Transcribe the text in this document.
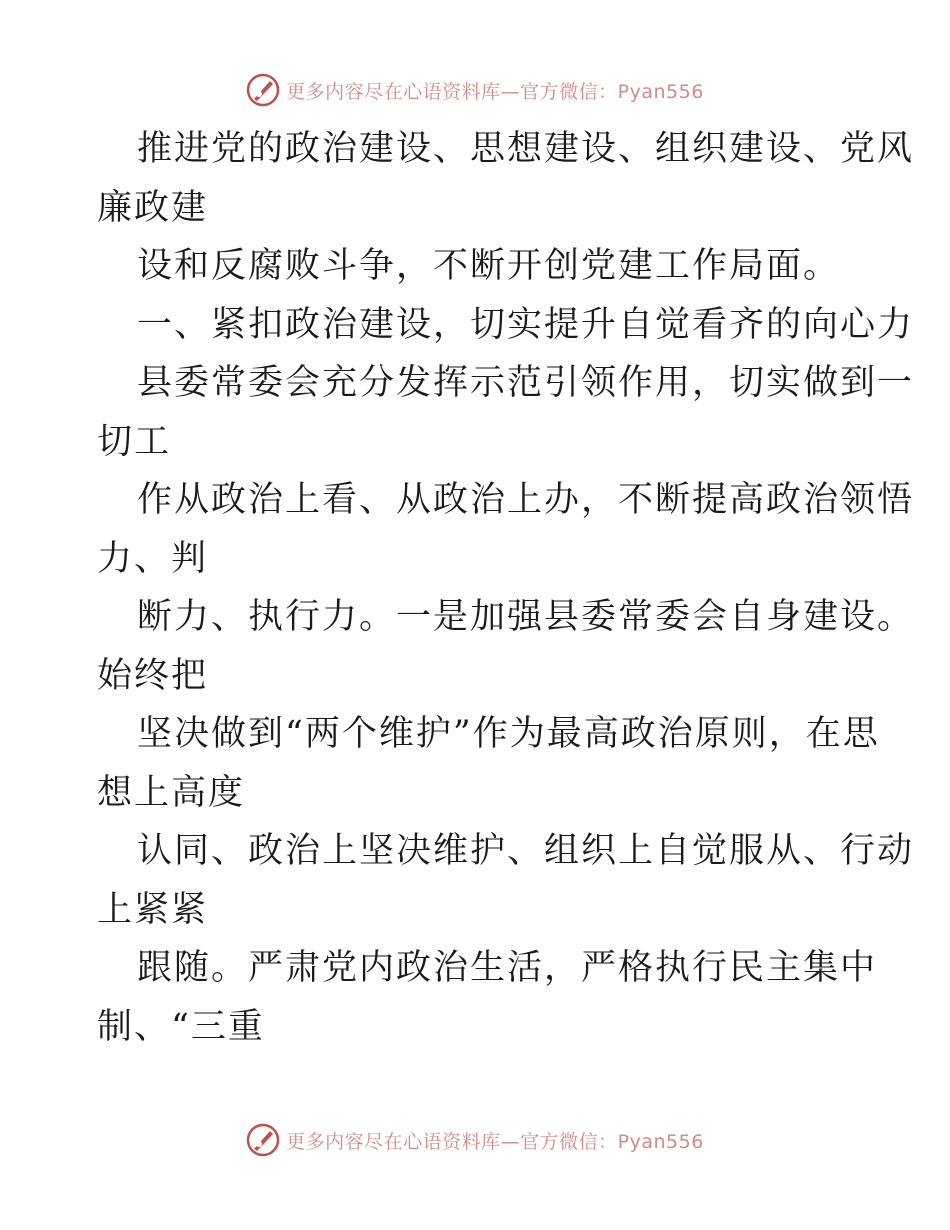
更多内容尽在心语资料库—官方微信：Pyan556
推进党的政治建设、思想建设、组织建设、党风
廉政建
设和反腐败斗争，不断开创党建工作局面。
一、紧扣政治建设，切实提升自觉看齐的向心力
县委常委会充分发挥示范引领作用，切实做到一
切工
作从政治上看、从政治上办，不断提高政治领悟
力、判
断力、执行力。一是加强县委常委会自身建设。
始终把
坚决做到“两个维护”作为最高政治原则，在思
想上高度
认同、政治上坚决维护、组织上自觉服从、行动
上紧紧
跟随。严肃党内政治生活，严格执行民主集中
制、“三重
更多内容尽在心语资料库—官方微信：Pyan556
